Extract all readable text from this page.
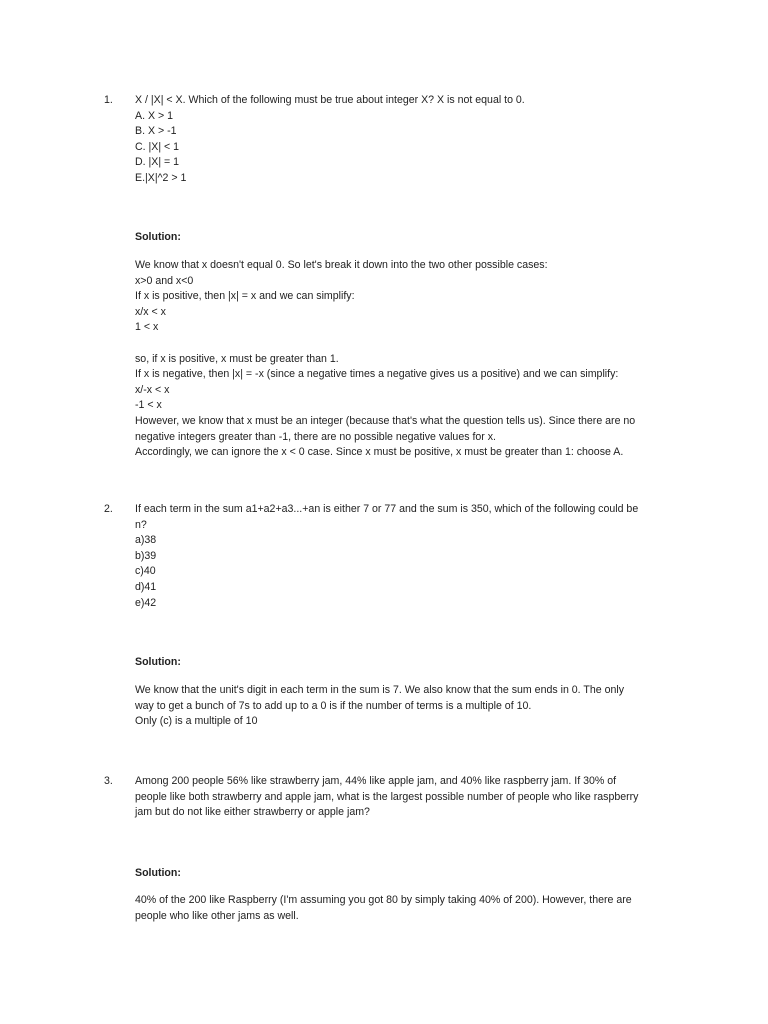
1. X / |X| < X. Which of the following must be true about integer X? X is not equal to 0.
A. X > 1
B. X > -1
C. |X| < 1
D. |X| = 1
E.|X|^2 > 1
Solution:
We know that x doesn't equal 0. So let's break it down into the two other possible cases:
x>0 and x<0
If x is positive, then |x| = x and we can simplify:
x/x < x
1 < x
so, if x is positive, x must be greater than 1.
If x is negative, then |x| = -x (since a negative times a negative gives us a positive) and we can simplify:
x/-x < x
-1 < x
However, we know that x must be an integer (because that's what the question tells us). Since there are no
negative integers greater than -1, there are no possible negative values for x.
Accordingly, we can ignore the x < 0 case. Since x must be positive, x must be greater than 1: choose A.
2. If each term in the sum a1+a2+a3...+an is either 7 or 77 and the sum is 350, which of the following could be
n?
a)38
b)39
c)40
d)41
e)42
Solution:
We know that the unit's digit in each term in the sum is 7. We also know that the sum ends in 0. The only
way to get a bunch of 7s to add up to a 0 is if the number of terms is a multiple of 10.
Only (c) is a multiple of 10
3. Among 200 people 56% like strawberry jam, 44% like apple jam, and 40% like raspberry jam. If 30% of
people like both strawberry and apple jam, what is the largest possible number of people who like raspberry
jam but do not like either strawberry or apple jam?
Solution:
40% of the 200 like Raspberry (I'm assuming you got 80 by simply taking 40% of 200). However, there are
people who like other jams as well.
